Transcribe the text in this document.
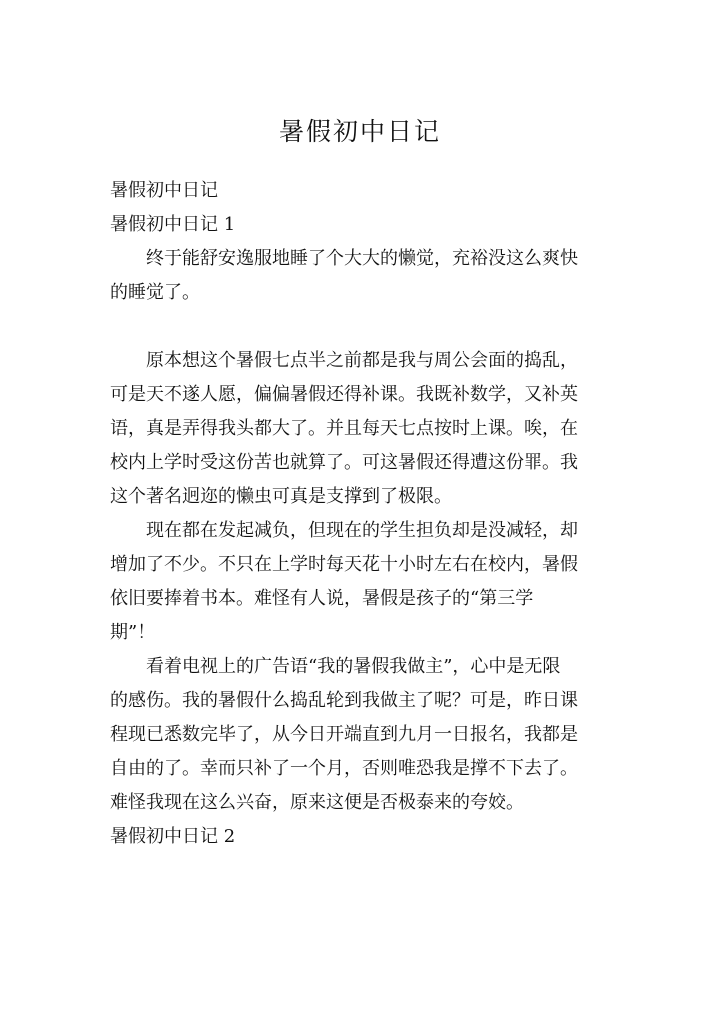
暑假初中日记

暑假初中日记

暑假初中日记 1

终于能舒安逸服地睡了个大大的懒觉，充裕没这么爽快

的睡觉了。

原本想这个暑假七点半之前都是我与周公会面的捣乱，

可是天不遂人愿，偏偏暑假还得补课。我既补数学，又补英

语，真是弄得我头都大了。并且每天七点按时上课。唉，在

校内上学时受这份苦也就算了。可这暑假还得遭这份罪。我

这个著名迥迩的懒虫可真是支撑到了极限。

现在都在发起减负，但现在的学生担负却是没减轻，却

增加了不少。不只在上学时每天花十小时左右在校内，暑假

依旧要捧着书本。难怪有人说，暑假是孩子的“第三学

期”！

看着电视上的广告语“我的暑假我做主”，心中是无限

的感伤。我的暑假什么捣乱轮到我做主了呢？可是，昨日课

程现已悉数完毕了，从今日开端直到九月一日报名，我都是

自由的了。幸而只补了一个月，否则唯恐我是撑不下去了。

难怪我现在这么兴奋，原来这便是否极泰来的夸姣。

暑假初中日记 2
